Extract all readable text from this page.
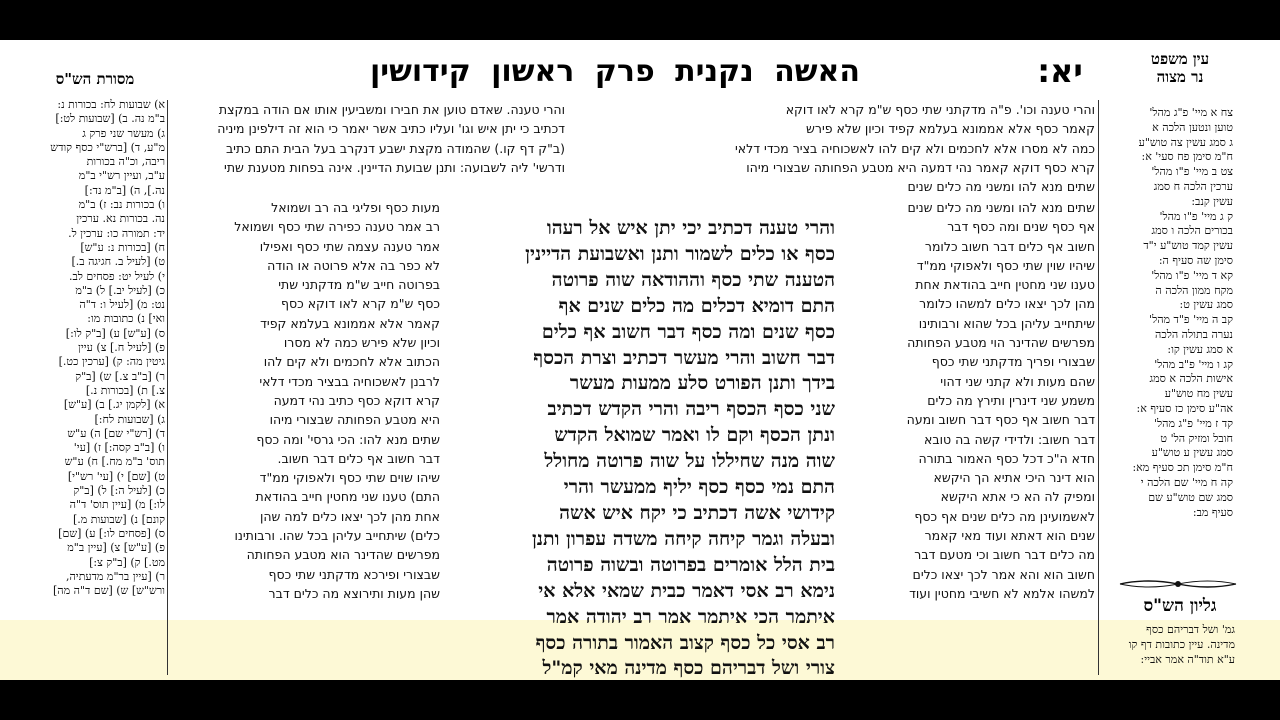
עין משפט
נר מצוה
יא:
האשה נקנית פרק ראשון קידושין
מסורת הש"ס
צח א מיי' פ"ג מהל'
טוען ונטען הלכה א
ג סמג עשין צה טוש"ע
ח"מ סימן פח סעי' א:
צט ב מיי' פ"ו מהל'
ערכין הלכה ח סמג
עשין קנב:
ק ג מיי' פ"ו מהל'
בכורים הלכה ו סמג
עשין קמד טוש"ע י"ד
סימן שה סעיף ה:
קא ד מיי' פ"ו מהל'
מקח ממון הלכה ה
סמג עשין ט:
קב ה מיי' פ"ד מהל'
נערה בתולה הלכה
א סמג עשין קו:
קג ו מיי' פ"ב מהל'
אישות הלכה א סמג
עשין מח טוש"ע
אה"ע סימן כז סעיף א:
קד ז מיי' פ"ג מהל'
חובל ומזיק הל' ט
סמג עשין ע טוש"ע
ח"מ סימן תכ סעיף מא:
קה ח מיי' שם הלכה י
סמג שם טוש"ע שם
סעיף מב:
א) שבועות לח: בכורות נ:
ב"מ נה. ב) [שבועות לט:]
ג) מעשר שני פרק ג
מ"ע, ד) [ברש"י כסף קודש
ריבה, וכ"ה בכורות
ע"ב, ועיין רש"י ב"מ
נה.], ה) [ב"מ נד:]
ו) בכורות נב: ז) ב"מ
נה. בכורות נא. ערכין
יד: תמורה כו: ערכין ל.
ח) [בכורות נ: ע"ש]
ט) [לעיל ב. חגיגה ב.]
י) לעיל יט: פסחים לב.
כ) [לעיל יב.] ל) ב"מ
נט: מ) [לעיל ו: ד"ה
ואי] נ) כתובות מו:
ס) [ע"ש] ע) [ב"ק לו:]
פ) [לעיל ח.] צ) עיין
גיטין מה: ק) [ערכין כט.]
ר) [ב"ב צ.] ש) [ב"ק
צ.] ת) [בכורות נ.]
א) [לקמן יג.] ב) [ע"ש]
ג) [שבועות לח:]
ד) [רש"י שם] ה) ע"ש
ו) [ב"ב קסה:] ז) [עי'
תוס' ב"מ מח.] ח) ע"ש
ט) [שם] י) [עי' רש"י]
כ) [לעיל ה:] ל) [ב"ק
לו:] מ) [עיין תוס' ד"ה
קונם] נ) [שבועות מ.]
ס) [פסחים לו:] ע) [שם]
פ) [ע"ש] צ) [עיין ב"מ
מט.] ק) [ב"ק צ:]
ר) [עיין בר"מ מדעתיה,
ורש"ש] ש) [שם ד"ה מה]
והרי טענה וכו'. פ"ה מדקתני שתי כסף ש"מ קרא לאו דוקא
קאמר כסף אלא אממונא בעלמא קפיד וכיון שלא פירש
כמה לא מסרו אלא לחכמים ולא קים להו לאשכוחיה בציר מכדי דלאי
קרא כסף דוקא קאמר נהי דמעה היא מטבע הפחותה שבצורי מיהו
שתים מנא להו ומשני מה כלים שנים
והרי טענה. שאדם טוען את חבירו ומשביעין אותו אם הודה במקצת
דכתיב כי יתן איש וגו' ועליו כתיב אשר יאמר כי הוא זה דילפינן מיניה
(ב"ק דף קו.) שהמודה מקצת ישבע דנקרב בעל הבית התם כתיב
ודרשי' ליה לשבועה: ותנן שבועת הדיינין. אינה בפחות מטענת שתי
מעות כסף ופליגי בה רב ושמואל
רב אמר טענה כפירה שתי כסף ושמואל
אמר טענה עצמה שתי כסף ואפילו
לא כפר בה אלא פרוטה או הודה
בפרוטה חייב ש"מ מדקתני שתי
כסף ש"מ קרא לאו דוקא כסף
קאמר אלא אממונא בעלמא קפיד
וכיון שלא פירש כמה לא מסרו
הכתוב אלא לחכמים ולא קים להו
לרבנן לאשכוחיה בבציר מכדי דלאי
קרא דוקא כסף כתיב נהי דמעה
היא מטבע הפחותה שבצורי מיהו
שתים מנא להו: הכי גרסי' ומה כסף
דבר חשוב אף כלים דבר חשוב.
שיהו שוים שתי כסף ולאפוקי ממ"ד
התם) טענו שני מחטין חייב בהודאת
אחת מהן לכך יצאו כלים למה שהן
כלים) שיתחייב עליהן בכל שהו. ורבותינו
מפרשים שהדינר הוא מטבע הפחותה
שבצורי ופירכא מדקתני שתי כסף
שהן מעות ותירוצא מה כלים דבר
שתים מנא להו ומשני מה כלים שנים
אף כסף שנים ומה כסף דבר
חשוב אף כלים דבר חשוב כלומר
שיהיו שוין שתי כסף ולאפוקי ממ"ד
טענו שני מחטין חייב בהודאת אחת
מהן לכך יצאו כלים למשהו כלומר
שיתחייב עליהן בכל שהוא ורבותינו
מפרשים שהדינר הוי מטבע הפחותה
שבצורי ופריך מדקתני שתי כסף
שהם מעות ולא קתני שני דהוי
משמע שני דינרין ותירץ מה כלים
דבר חשוב אף כסף דבר חשוב ומעה
דבר חשוב: ולדידי קשה בה טובא
חדא ה"כ דכל כסף האמור בתורה
הוא דינר היכי אתיא הך היקשא
ומפיק לה הא כי אתא היקשא
לאשמועינן מה כלים שנים אף כסף
שנים הוא דאתא ועוד מאי קאמר
מה כלים דבר חשוב וכי מטעם דבר
חשוב הוא והא אמר לכך יצאו כלים
למשהו אלמא לא חשיבי מחטין ועוד
והרי טענה דכתיב יכי יתן איש אל רעהו
כסף או כלים לשמור ותנן ואשבועת הדיינין
הטענה שתי כסף וההודאה שוה פרוטה
התם דומיא דכלים מה כלים שנים אף
כסף שנים ומה כסף דבר חשוב אף כלים
דבר חשוב והרי מעשר דכתיב וצרת הכסף
בידך ותנן הפורט סלע ממעות מעשר
שני כסף הכסף ריבה והרי הקדש דכתיב
ונתן הכסף וקם לו ואמר שמואל הקדש
שוה מנה שחיללו על שוה פרוטה מחולל
התם נמי כסף כסף יליף ממעשר והרי
קידושי אשה דכתיב כי יקח איש אשה
ובעלה וגמר קיחה קיחה משדה עפרון ותנן
בית הלל אומרים בפרוטה ובשוה פרוטה
נימא רב אסי דאמר כבית שמאי אלא אי
איתמר הכי איתמר אמר רב יהודה אמר
רב אסי כל כסף קצוב האמור בתורה כסף
צורי ושל דבריהם כסף מדינה מאי קמ"ל
גליון הש"ס
גמ' ושל דבריהם כסף
מדינה. עיין כתובות דף קו
ע"א תוד"ה אמר אביי:
